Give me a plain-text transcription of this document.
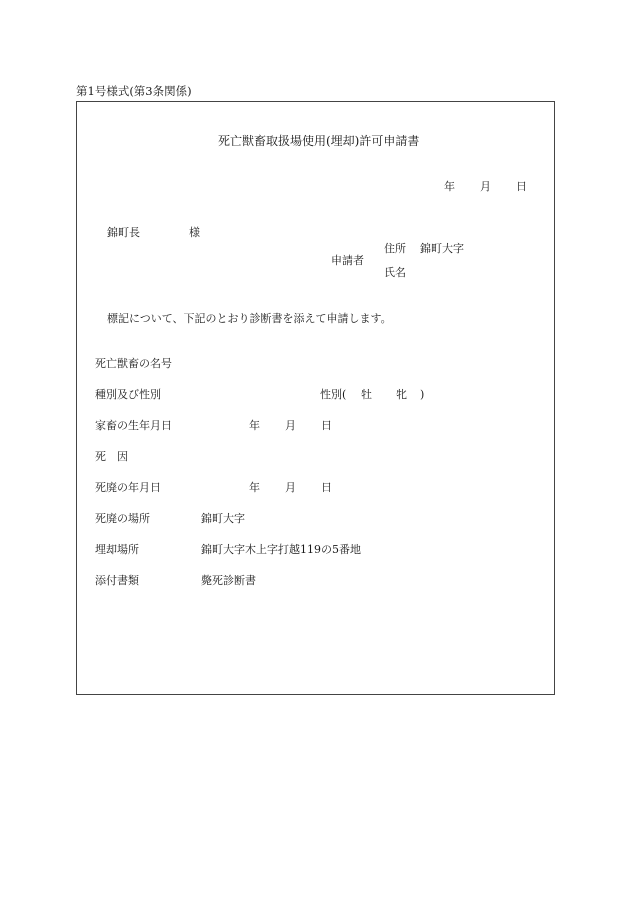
第1号様式(第3条関係)
死亡獣畜取扱場使用(埋却)許可申請書
年 月 日
錦町長	様
住所 錦町大字
申請者
氏名
標記について、下記のとおり診断書を添えて申請します。
死亡獣畜の名号
種別及び性別	性別( 牡 牝 )
家畜の生年月日	年 月 日
死　因
死廃の年月日	年 月 日
死廃の場所	錦町大字
埋却場所	錦町大字木上字打越119の5番地
添付書類	斃死診断書
